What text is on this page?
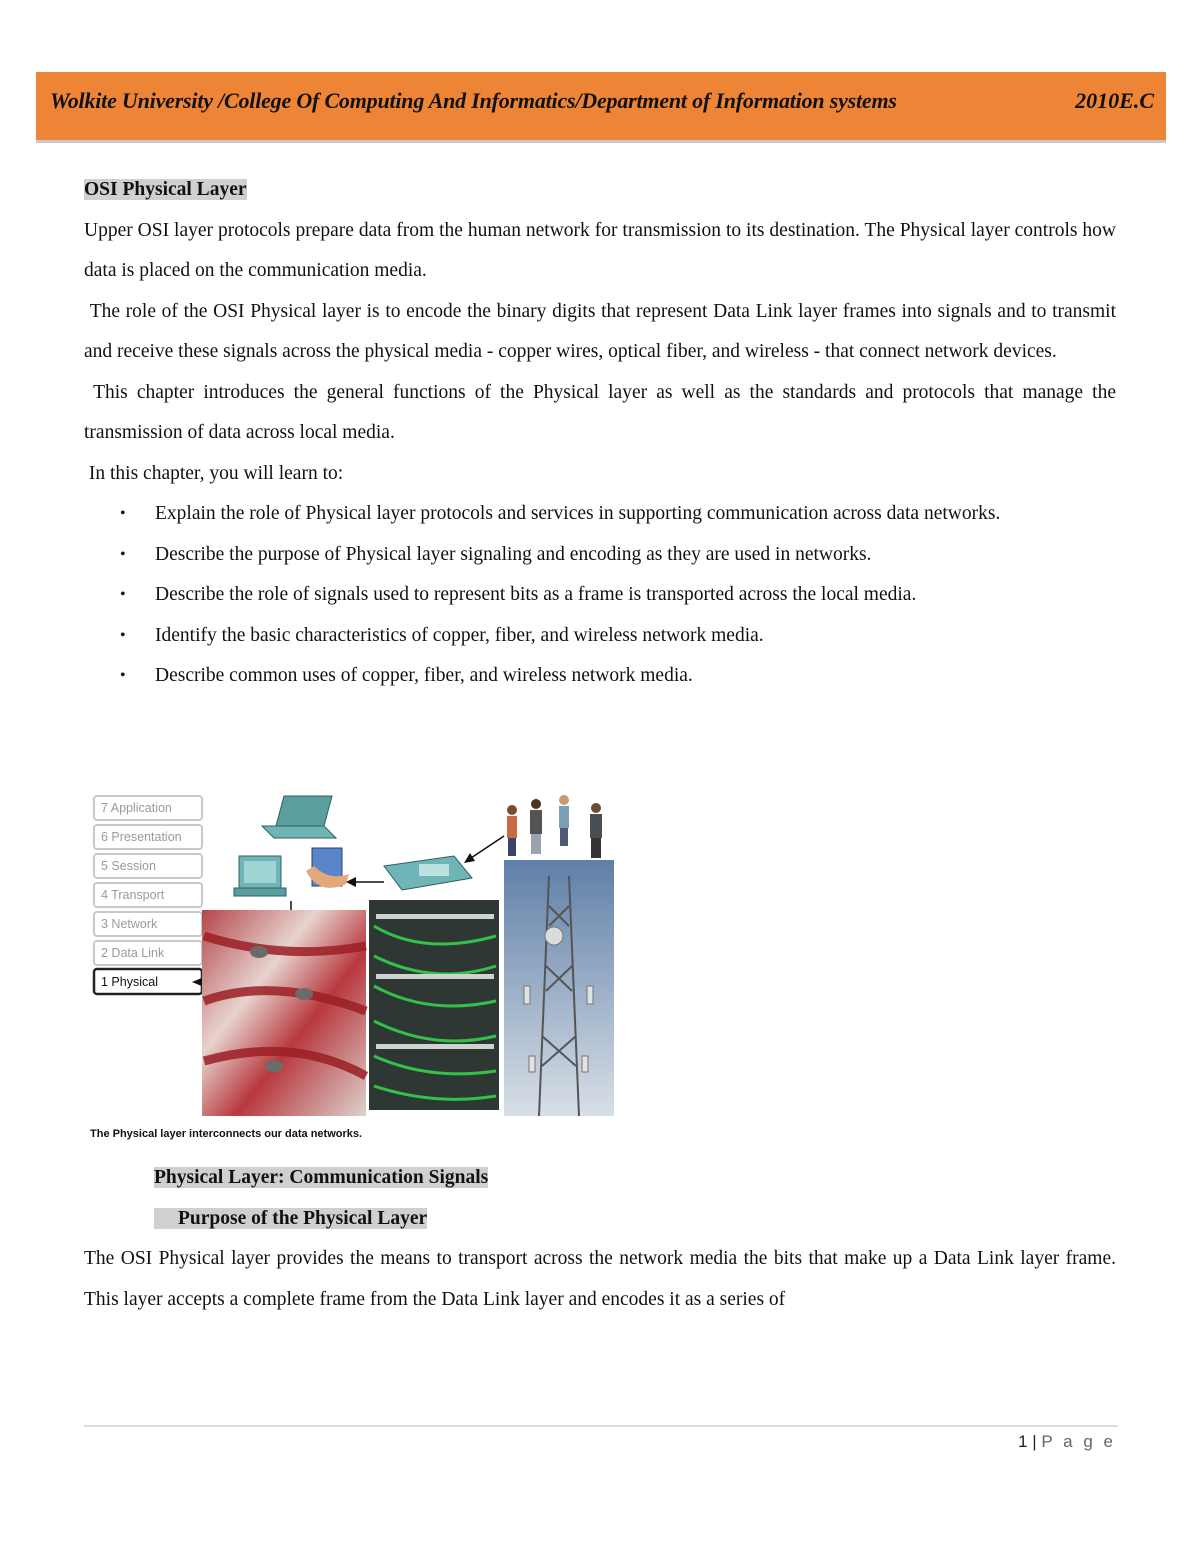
Wolkite University /College Of Computing And Informatics/Department of Information systems	2010E.C

OSI Physical Layer

Upper OSI layer protocols prepare data from the human network for transmission to its destination. The Physical layer controls how data is placed on the communication media.

The role of the OSI Physical layer is to encode the binary digits that represent Data Link layer frames into signals and to transmit and receive these signals across the physical media - copper wires, optical fiber, and wireless - that connect network devices.

This chapter introduces the general functions of the Physical layer as well as the standards and protocols that manage the transmission of data across local media.

In this chapter, you will learn to:

• Explain the role of Physical layer protocols and services in supporting communication across data networks.
• Describe the purpose of Physical layer signaling and encoding as they are used in networks.
• Describe the role of signals used to represent bits as a frame is transported across the local media.
• Identify the basic characteristics of copper, fiber, and wireless network media.
• Describe common uses of copper, fiber, and wireless network media.
7 Application
6 Presentation
5 Session
4 Transport
3 Network
2 Data Link
1 Physical
The Physical layer interconnects our data networks.

Physical Layer: Communication Signals

Purpose of the Physical Layer

The OSI Physical layer provides the means to transport across the network media the bits that make up a Data Link layer frame. This layer accepts a complete frame from the Data Link layer and encodes it as a series of

1 | P a g e
